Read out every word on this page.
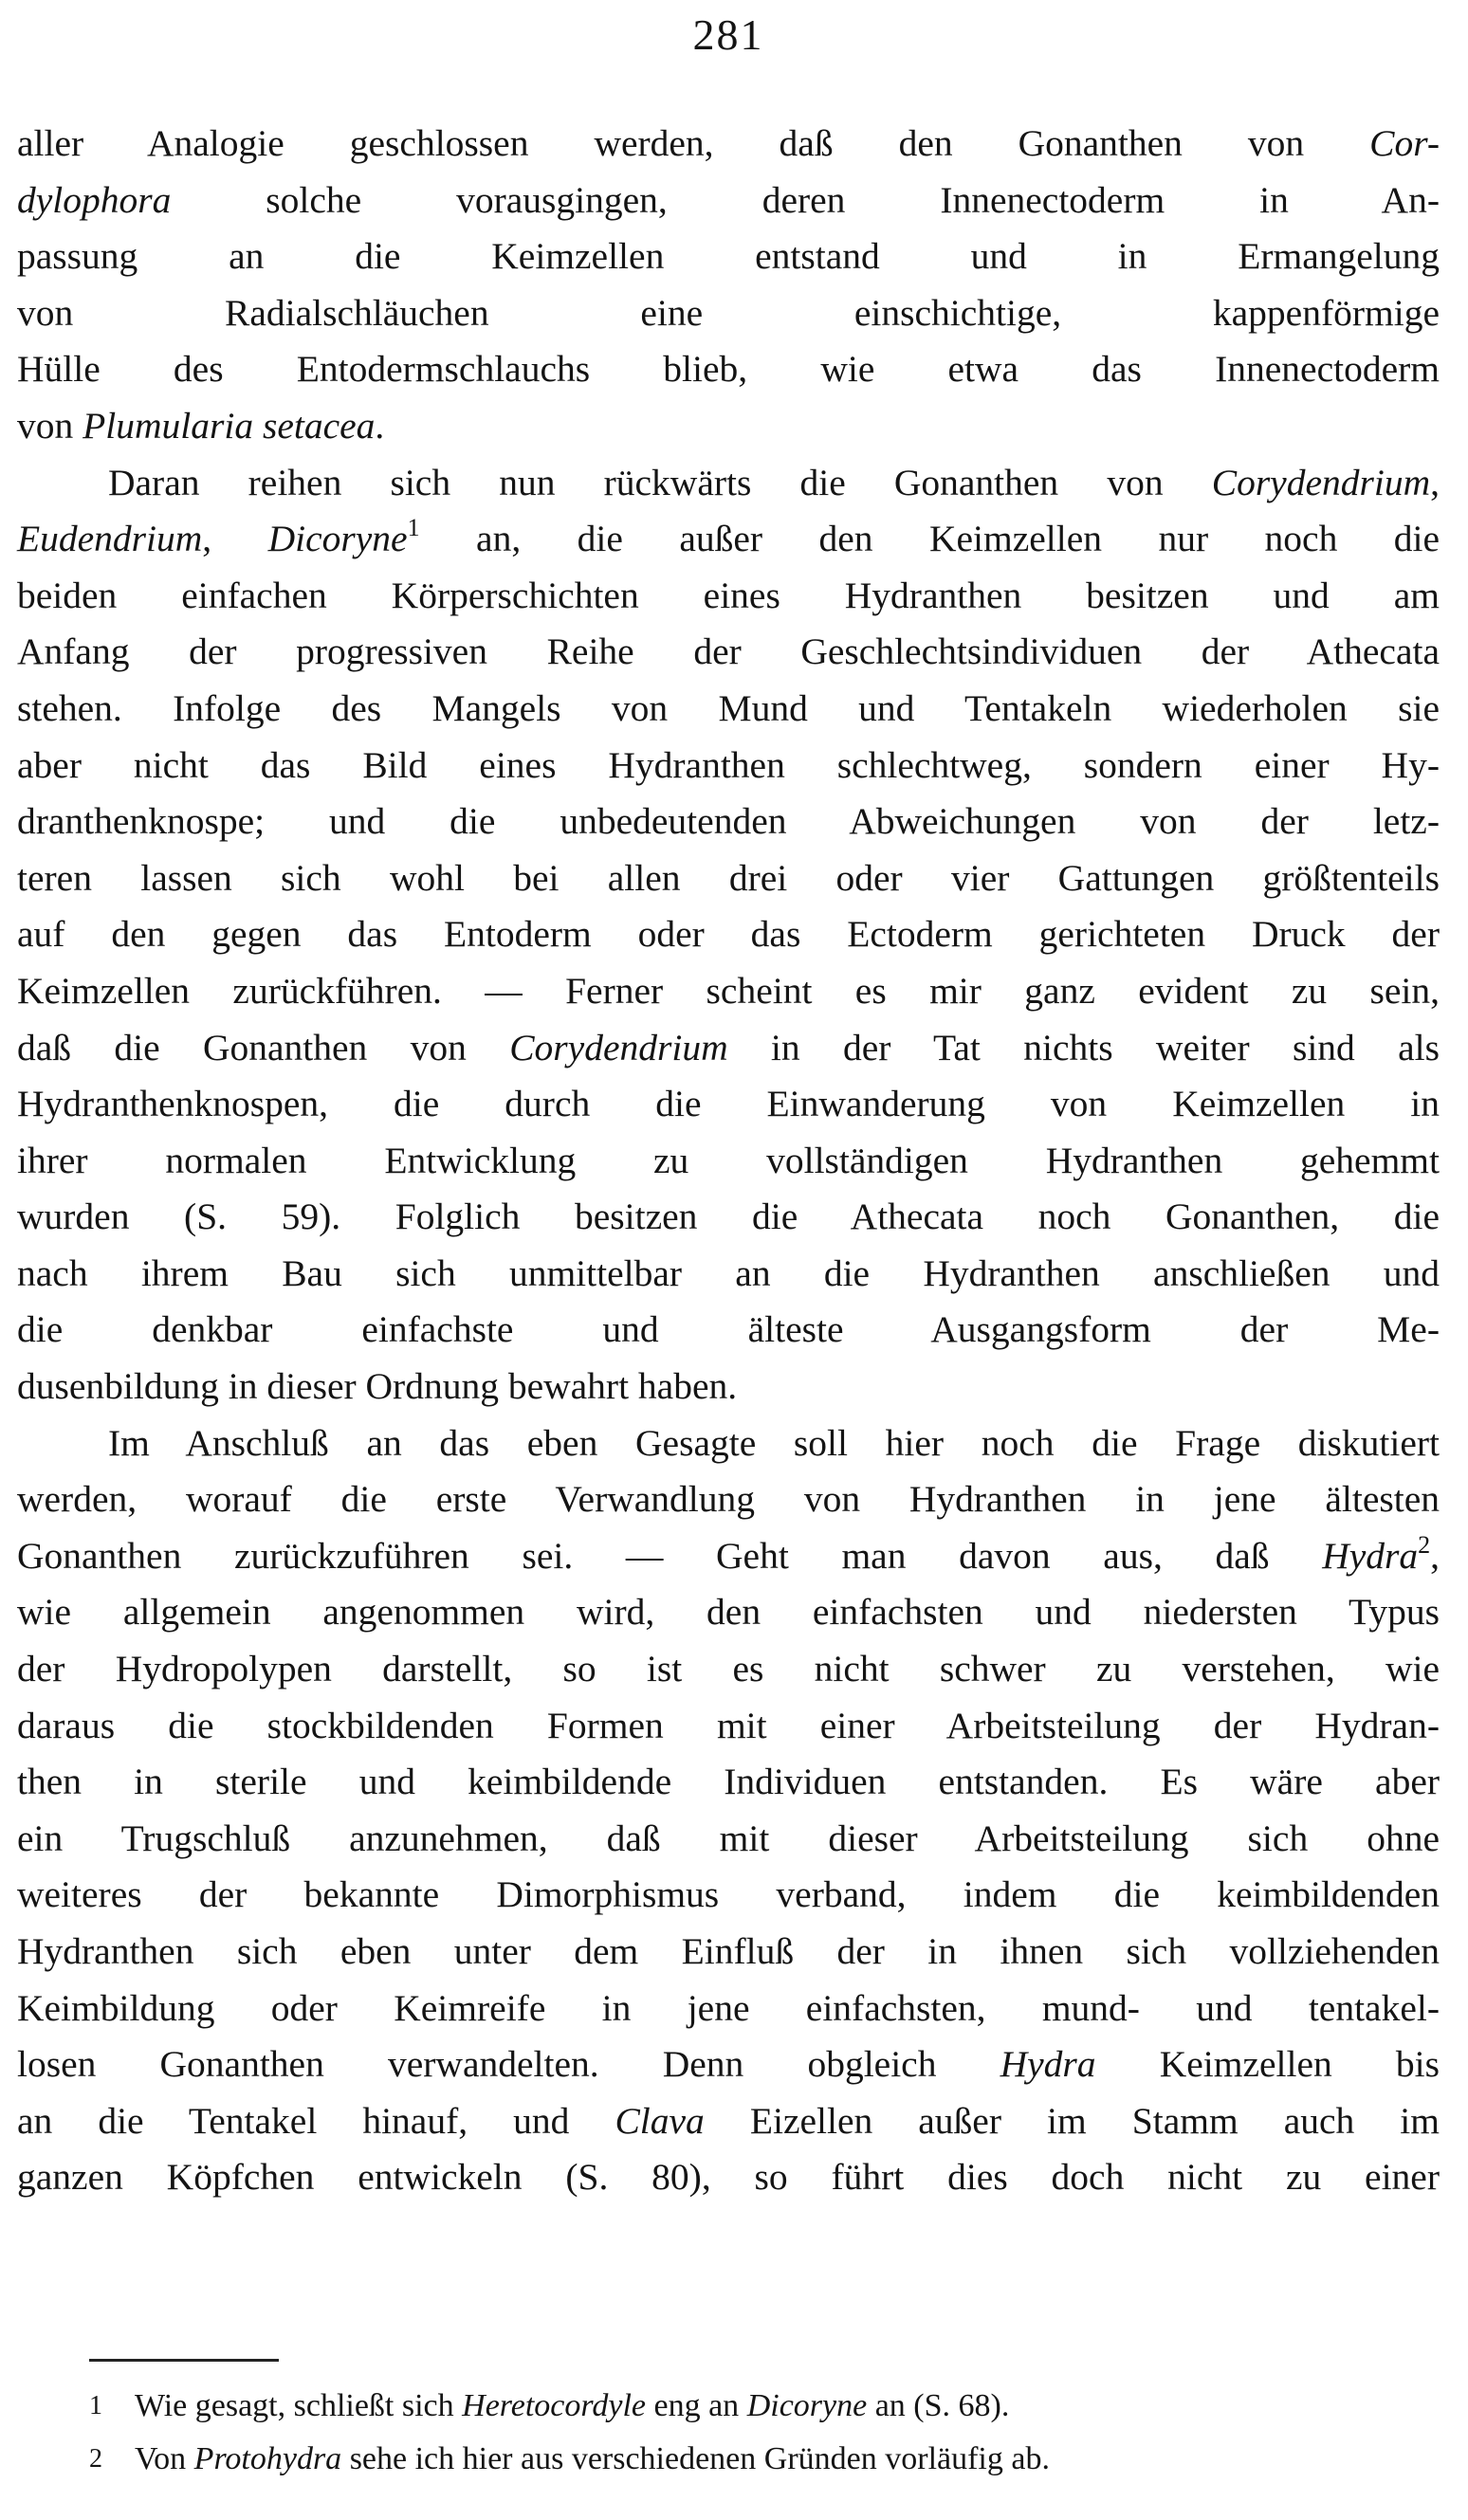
281
aller Analogie geschlossen werden, daß den Gonanthen von Cor-
dylophora solche vorausgingen, deren Innenectoderm in An-
passung an die Keimzellen entstand und in Ermangelung
von Radialschläuchen eine einschichtige, kappenförmige
Hülle des Entodermschlauchs blieb, wie etwa das Innenectoderm
von Plumularia setacea.
Daran reihen sich nun rückwärts die Gonanthen von Corydendrium,
Eudendrium, Dicoryne$^1$ an, die außer den Keimzellen nur noch die
beiden einfachen Körperschichten eines Hydranthen besitzen und am
Anfang der progressiven Reihe der Geschlechtsindividuen der Athecata
stehen. Infolge des Mangels von Mund und Tentakeln wiederholen sie
aber nicht das Bild eines Hydranthen schlechtweg, sondern einer Hy-
dranthenknospe; und die unbedeutenden Abweichungen von der letz-
teren lassen sich wohl bei allen drei oder vier Gattungen größtenteils
auf den gegen das Entoderm oder das Ectoderm gerichteten Druck der
Keimzellen zurückführen. — Ferner scheint es mir ganz evident zu sein,
daß die Gonanthen von Corydendrium in der Tat nichts weiter sind als
Hydranthenknospen, die durch die Einwanderung von Keimzellen in
ihrer normalen Entwicklung zu vollständigen Hydranthen gehemmt
wurden (S. 59). Folglich besitzen die Athecata noch Gonanthen, die
nach ihrem Bau sich unmittelbar an die Hydranthen anschließen und
die denkbar einfachste und älteste Ausgangsform der Me-
dusenbildung in dieser Ordnung bewahrt haben.
Im Anschluß an das eben Gesagte soll hier noch die Frage diskutiert
werden, worauf die erste Verwandlung von Hydranthen in jene ältesten
Gonanthen zurückzuführen sei. — Geht man davon aus, daß Hydra$^2$,
wie allgemein angenommen wird, den einfachsten und niedersten Typus
der Hydropolypen darstellt, so ist es nicht schwer zu verstehen, wie
daraus die stockbildenden Formen mit einer Arbeitsteilung der Hydran-
then in sterile und keimbildende Individuen entstanden. Es wäre aber
ein Trugschluß anzunehmen, daß mit dieser Arbeitsteilung sich ohne
weiteres der bekannte Dimorphismus verband, indem die keimbildenden
Hydranthen sich eben unter dem Einfluß der in ihnen sich vollziehenden
Keimbildung oder Keimreife in jene einfachsten, mund- und tentakel-
losen Gonanthen verwandelten. Denn obgleich Hydra Keimzellen bis
an die Tentakel hinauf, und Clava Eizellen außer im Stamm auch im
ganzen Köpfchen entwickeln (S. 80), so führt dies doch nicht zu einer
1 Wie gesagt, schließt sich Heretocordyle eng an Dicoryne an (S. 68).
2 Von Protohydra sehe ich hier aus verschiedenen Gründen vorläufig ab.
